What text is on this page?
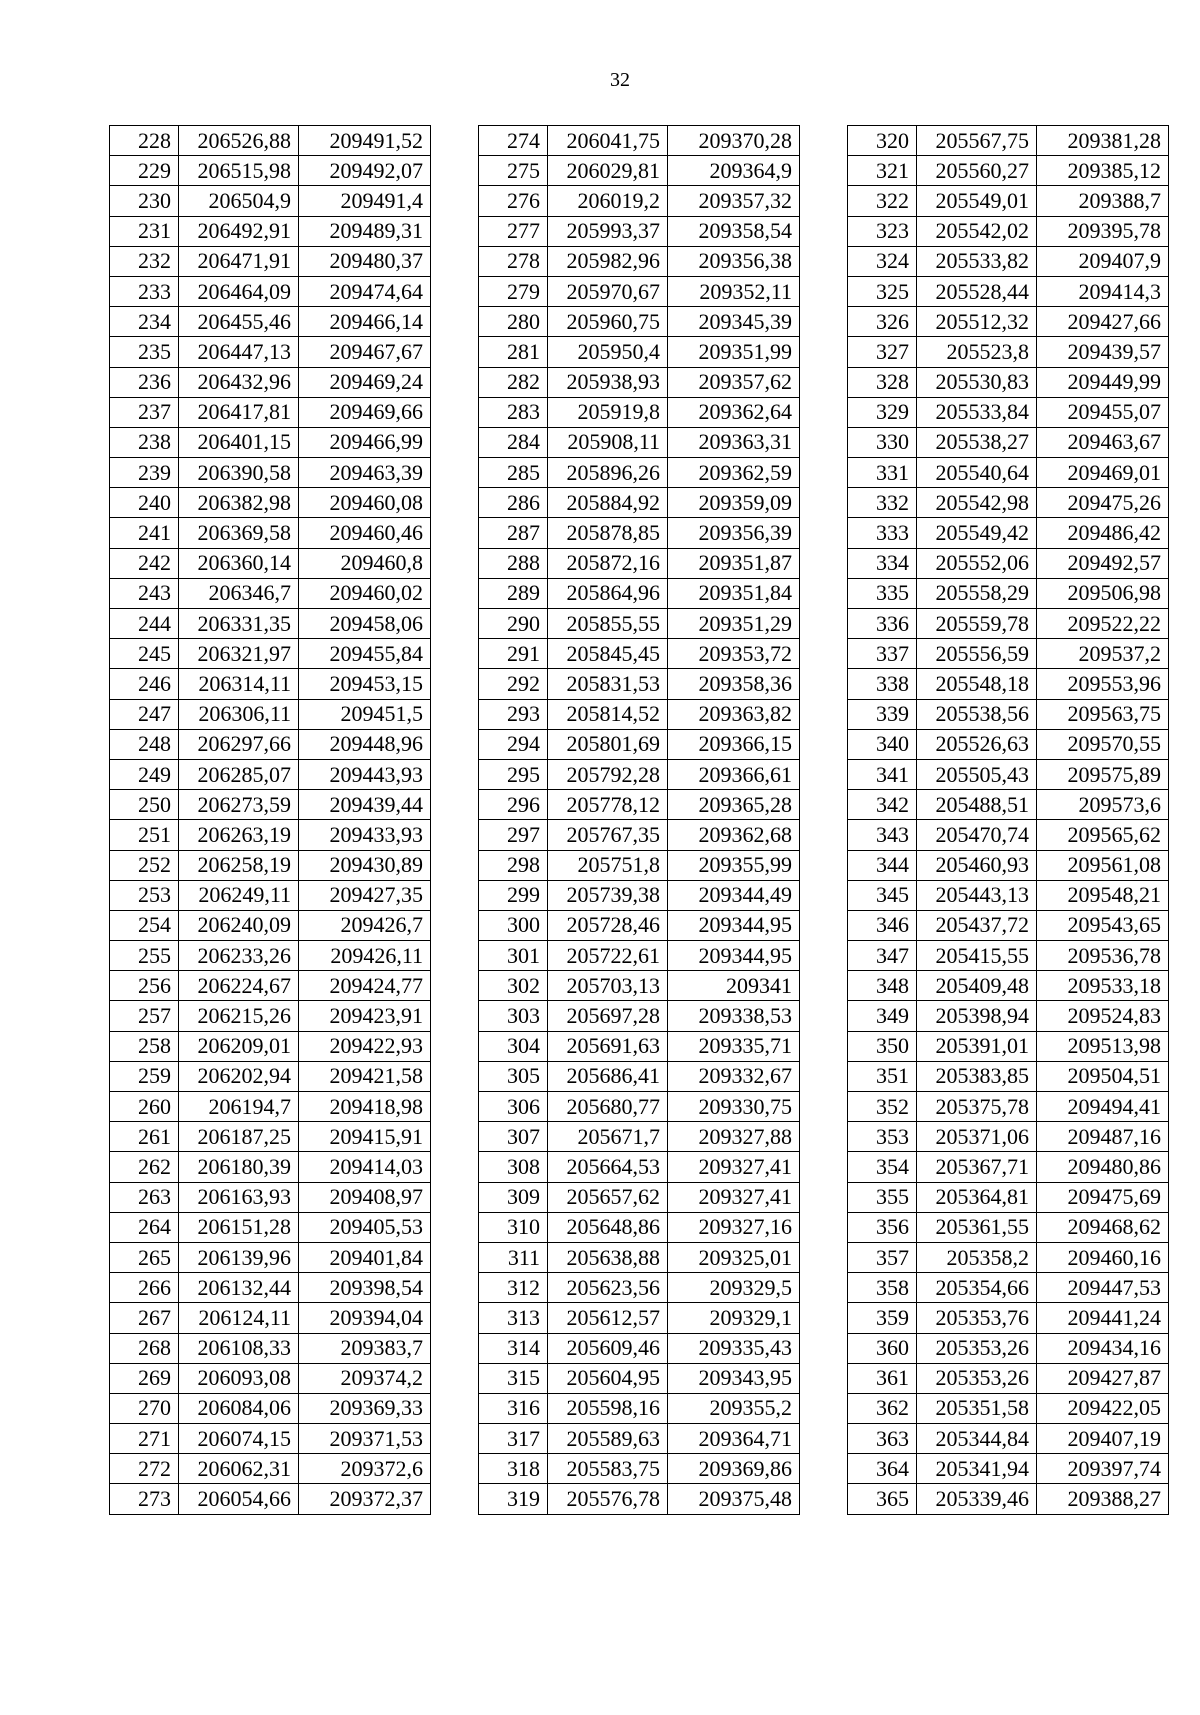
32
228	206526,88	209491,52
229	206515,98	209492,07
230	206504,9	209491,4
231	206492,91	209489,31
232	206471,91	209480,37
233	206464,09	209474,64
234	206455,46	209466,14
235	206447,13	209467,67
236	206432,96	209469,24
237	206417,81	209469,66
238	206401,15	209466,99
239	206390,58	209463,39
240	206382,98	209460,08
241	206369,58	209460,46
242	206360,14	209460,8
243	206346,7	209460,02
244	206331,35	209458,06
245	206321,97	209455,84
246	206314,11	209453,15
247	206306,11	209451,5
248	206297,66	209448,96
249	206285,07	209443,93
250	206273,59	209439,44
251	206263,19	209433,93
252	206258,19	209430,89
253	206249,11	209427,35
254	206240,09	209426,7
255	206233,26	209426,11
256	206224,67	209424,77
257	206215,26	209423,91
258	206209,01	209422,93
259	206202,94	209421,58
260	206194,7	209418,98
261	206187,25	209415,91
262	206180,39	209414,03
263	206163,93	209408,97
264	206151,28	209405,53
265	206139,96	209401,84
266	206132,44	209398,54
267	206124,11	209394,04
268	206108,33	209383,7
269	206093,08	209374,2
270	206084,06	209369,33
271	206074,15	209371,53
272	206062,31	209372,6
273	206054,66	209372,37
274	206041,75	209370,28
275	206029,81	209364,9
276	206019,2	209357,32
277	205993,37	209358,54
278	205982,96	209356,38
279	205970,67	209352,11
280	205960,75	209345,39
281	205950,4	209351,99
282	205938,93	209357,62
283	205919,8	209362,64
284	205908,11	209363,31
285	205896,26	209362,59
286	205884,92	209359,09
287	205878,85	209356,39
288	205872,16	209351,87
289	205864,96	209351,84
290	205855,55	209351,29
291	205845,45	209353,72
292	205831,53	209358,36
293	205814,52	209363,82
294	205801,69	209366,15
295	205792,28	209366,61
296	205778,12	209365,28
297	205767,35	209362,68
298	205751,8	209355,99
299	205739,38	209344,49
300	205728,46	209344,95
301	205722,61	209344,95
302	205703,13	209341
303	205697,28	209338,53
304	205691,63	209335,71
305	205686,41	209332,67
306	205680,77	209330,75
307	205671,7	209327,88
308	205664,53	209327,41
309	205657,62	209327,41
310	205648,86	209327,16
311	205638,88	209325,01
312	205623,56	209329,5
313	205612,57	209329,1
314	205609,46	209335,43
315	205604,95	209343,95
316	205598,16	209355,2
317	205589,63	209364,71
318	205583,75	209369,86
319	205576,78	209375,48
320	205567,75	209381,28
321	205560,27	209385,12
322	205549,01	209388,7
323	205542,02	209395,78
324	205533,82	209407,9
325	205528,44	209414,3
326	205512,32	209427,66
327	205523,8	209439,57
328	205530,83	209449,99
329	205533,84	209455,07
330	205538,27	209463,67
331	205540,64	209469,01
332	205542,98	209475,26
333	205549,42	209486,42
334	205552,06	209492,57
335	205558,29	209506,98
336	205559,78	209522,22
337	205556,59	209537,2
338	205548,18	209553,96
339	205538,56	209563,75
340	205526,63	209570,55
341	205505,43	209575,89
342	205488,51	209573,6
343	205470,74	209565,62
344	205460,93	209561,08
345	205443,13	209548,21
346	205437,72	209543,65
347	205415,55	209536,78
348	205409,48	209533,18
349	205398,94	209524,83
350	205391,01	209513,98
351	205383,85	209504,51
352	205375,78	209494,41
353	205371,06	209487,16
354	205367,71	209480,86
355	205364,81	209475,69
356	205361,55	209468,62
357	205358,2	209460,16
358	205354,66	209447,53
359	205353,76	209441,24
360	205353,26	209434,16
361	205353,26	209427,87
362	205351,58	209422,05
363	205344,84	209407,19
364	205341,94	209397,74
365	205339,46	209388,27
